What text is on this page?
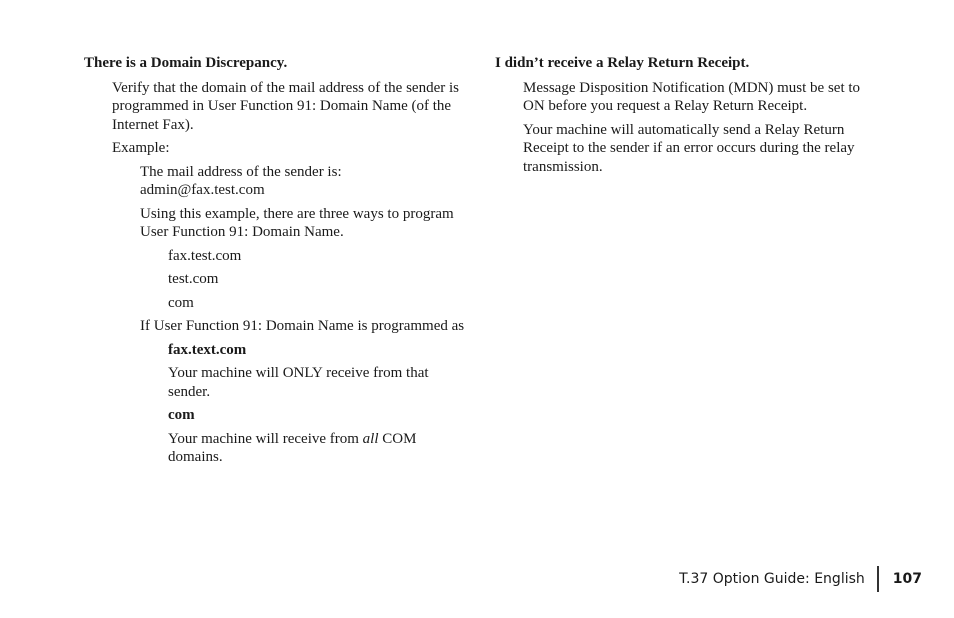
There is a Domain Discrepancy.

Verify that the domain of the mail address of the sender is programmed in User Function 91: Domain Name (of the Internet Fax).

Example:

The mail address of the sender is:
admin@fax.test.com

Using this example, there are three ways to program User Function 91: Domain Name.

fax.test.com

test.com

com

If User Function 91: Domain Name is programmed as

fax.text.com

Your machine will ONLY receive from that sender.

com

Your machine will receive from all COM domains.

I didn’t receive a Relay Return Receipt.

Message Disposition Notification (MDN) must be set to ON before you request a Relay Return Receipt.

Your machine will automatically send a Relay Return Receipt to the sender if an error occurs during the relay transmission.

T.37 Option Guide: English 107
